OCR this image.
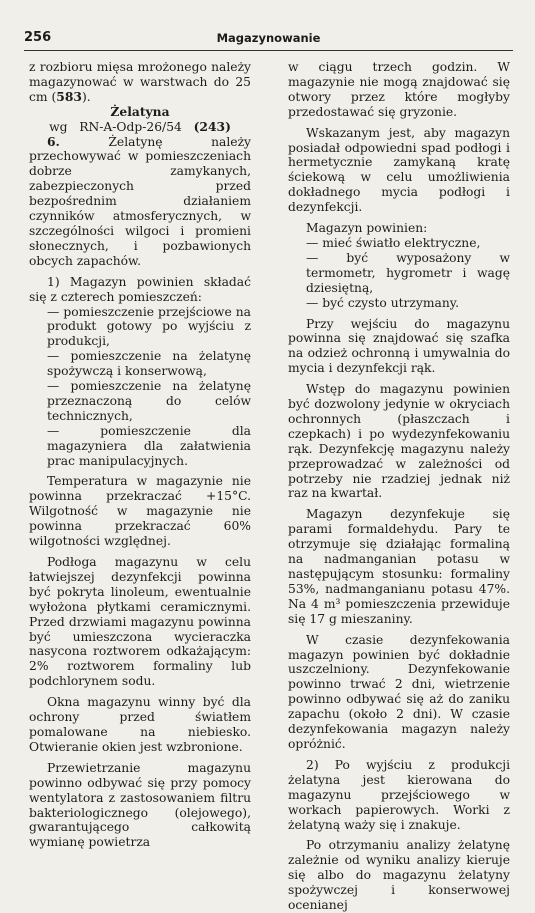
256	Magazynowanie

z rozbioru mięsa mrożonego należy magazynować w warstwach do 25 cm (583).

Żelatyna

wg RN-A-Odp-26/54 (243)

6.	Żelatynę należy przechowywać w pomieszczeniach dobrze zamykanych, zabezpieczonych przed bezpośrednim działaniem czynników atmosferycznych, w szczególności wilgoci i promieni słonecznych, i pozbawionych obcych zapachów.

1) Magazyn powinien składać się z czterech pomieszczeń:

— pomieszczenie przejściowe na produkt gotowy po wyjściu z produkcji,

— pomieszczenie na żelatynę spożywczą i konserwową,

— pomieszczenie na żelatynę przeznaczoną do celów technicznych,

— pomieszczenie dla magazyniera dla załatwienia prac manipulacyjnych.

Temperatura w magazynie nie powinna przekraczać +15°C. Wilgotność w magazynie nie powinna przekraczać 60% wilgotności względnej.

Podłoga magazynu w celu łatwiejszej dezynfekcji powinna być pokryta linoleum, ewentualnie wyłożona płytkami ceramicznymi. Przed drzwiami magazynu powinna być umieszczona wycieraczka nasycona roztworem odkażającym: 2% roztworem formaliny lub podchlorynem sodu.

Okna magazynu winny być dla ochrony przed światłem pomalowane na niebiesko. Otwieranie okien jest wzbronione.

Przewietrzanie magazynu powinno odbywać się przy pomocy wentylatora z zastosowaniem filtru bakteriologicznego (olejowego), gwarantującego całkowitą wymianę powietrza

w ciągu trzech godzin. W magazynie nie mogą znajdować się otwory przez które mogłyby przedostawać się gryzonie.

Wskazanym jest, aby magazyn posiadał odpowiedni spad podłogi i hermetycznie zamykaną kratę ściekową w celu umożliwienia dokładnego mycia podłogi i dezynfekcji.

Magazyn powinien:

— mieć światło elektryczne,

— być wyposażony w termometr, hygrometr i wagę dziesiętną,

— być czysto utrzymany.

Przy wejściu do magazynu powinna się znajdować się szafka na odzież ochronną i umywalnia do mycia i dezynfekcji rąk.

Wstęp do magazynu powinien być dozwolony jedynie w okryciach ochronnych (płaszczach i czepkach) i po wydezynfekowaniu rąk. Dezynfekcję magazynu należy przeprowadzać w zależności od potrzeby nie rzadziej jednak niż raz na kwartał.

Magazyn dezynfekuje się parami formaldehydu. Pary te otrzymuje się działając formaliną na nadmanganian potasu w następującym stosunku: formaliny 53%, nadmanganianu potasu 47%. Na 4 m³ pomieszczenia przewiduje się 17 g mieszaniny.

W czasie dezynfekowania magazyn powinien być dokładnie uszczelniony. Dezynfekowanie powinno trwać 2 dni, wietrzenie powinno odbywać się aż do zaniku zapachu (około 2 dni). W czasie dezynfekowania magazyn należy opróżnić.

2) Po wyjściu z produkcji żelatyna jest kierowana do magazynu przejściowego w workach papierowych. Worki z żelatyną waży się i znakuje.

Po otrzymaniu analizy żelatynę zależnie od wyniku analizy kieruje się albo do magazynu żelatyny spożywczej i konserwowej ocenianej
